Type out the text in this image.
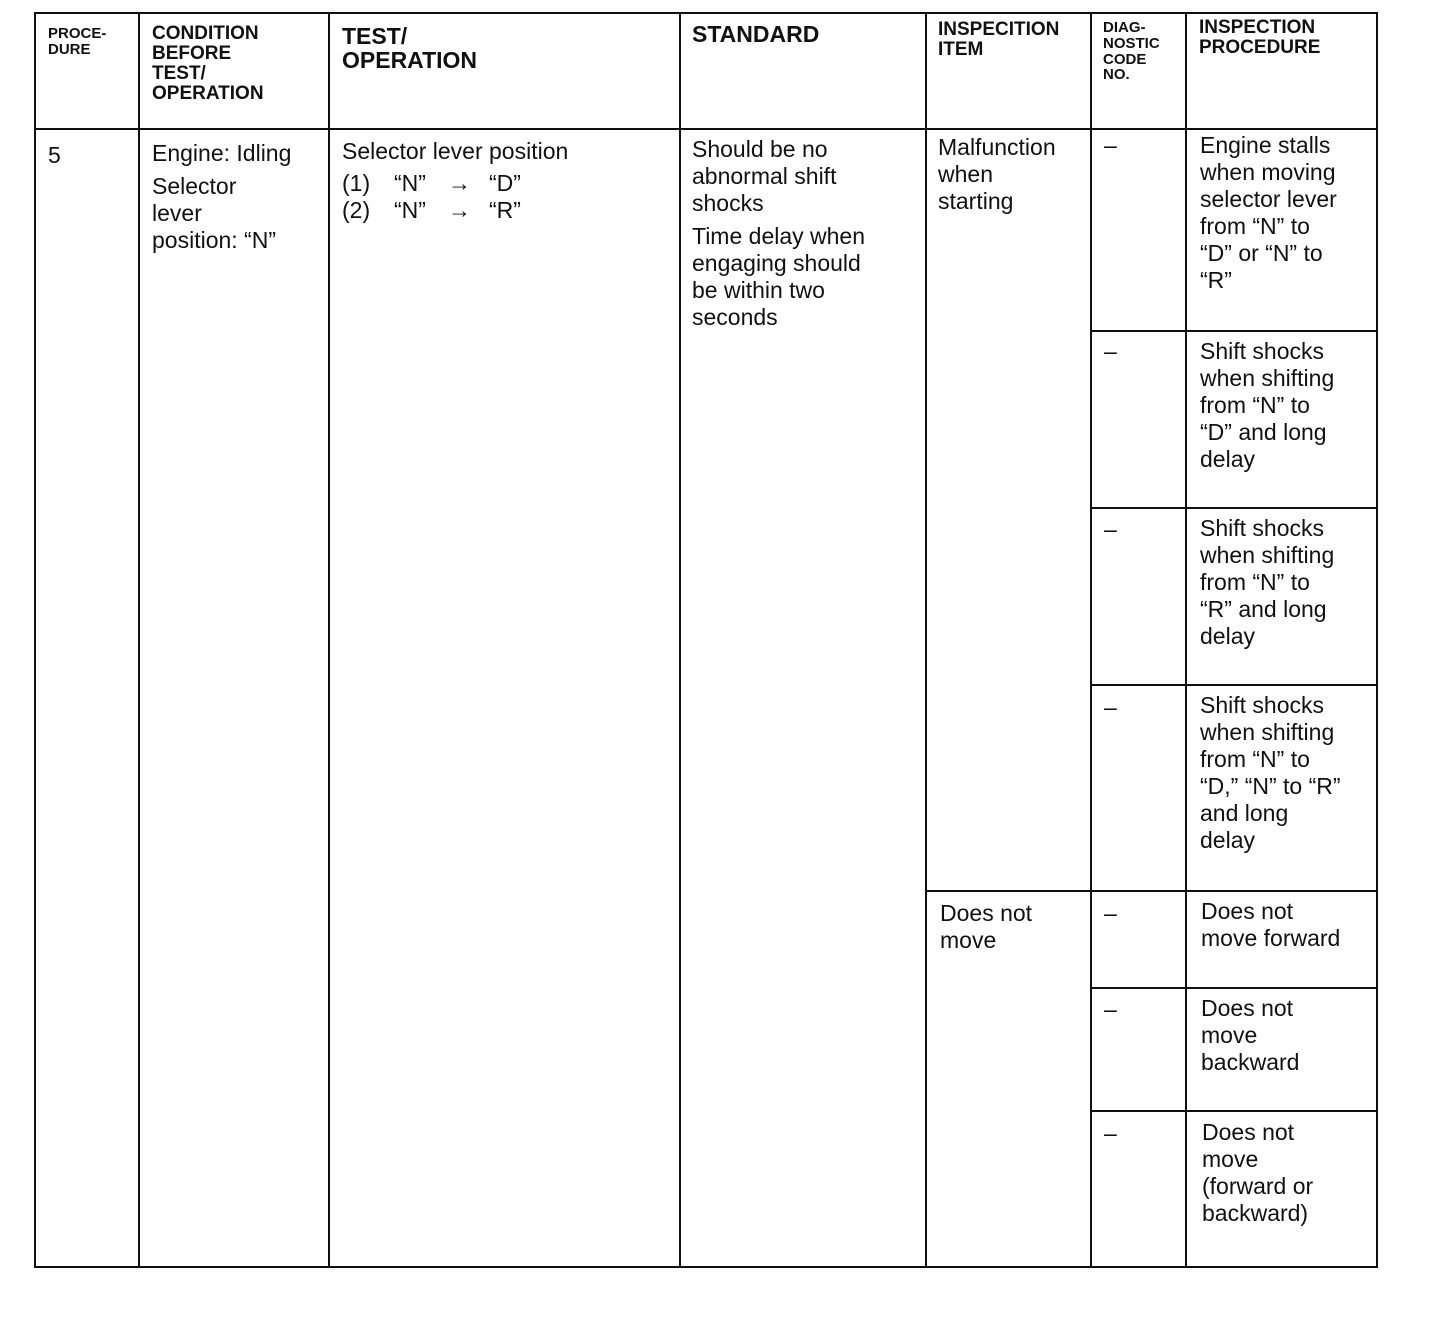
PROCE-
DURE
CONDITION
BEFORE
TEST/
OPERATION
TEST/
OPERATION
STANDARD	INSPECITION
ITEM
DIAG-
NOSTIC
CODE
NO.
INSPECTION
PROCEDURE
5	Engine: Idling
Selector
lever
position: “N”
Selector lever position
(1) “N” → “D”
(2) “N” → “R”
Should be no
abnormal shift
shocks
Time delay when
engaging should
be within two
seconds
Malfunction
when
starting
Does not
move
–
–
–
–
–
–
–
Engine stalls
when moving
selector lever
from “N” to
“D” or “N” to
“R”
Shift shocks
when shifting
from “N” to
“D” and long
delay
Shift shocks
when shifting
from “N” to
“R” and long
delay
Shift shocks
when shifting
from “N” to
“D,” “N” to “R”
and long
delay
Does not
move forward
Does not
move
backward
Does not
move
(forward or
backward)
